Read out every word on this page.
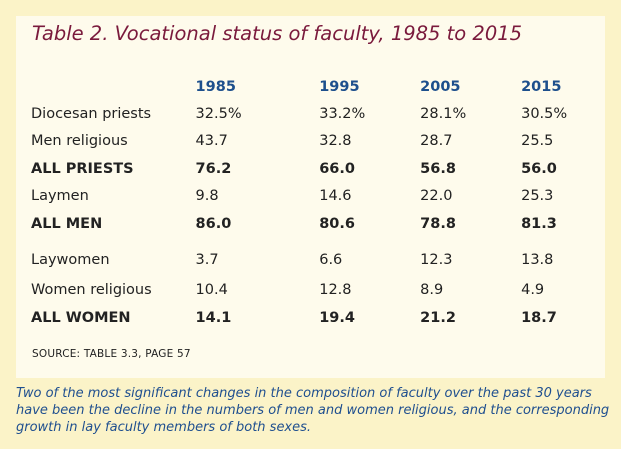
Table 2. Vocational status of faculty, 1985 to 2015
	1985	1995	2005	2015
Diocesan priests	32.5%	33.2%	28.1%	30.5%
Men religious	43.7	32.8	28.7	25.5
ALL PRIESTS	76.2	66.0	56.8	56.0
Laymen	9.8	14.6	22.0	25.3
ALL MEN	86.0	80.6	78.8	81.3
Laywomen	3.7	6.6	12.3	13.8
Women religious	10.4	12.8	8.9	4.9
ALL WOMEN	14.1	19.4	21.2	18.7
SOURCE: TABLE 3.3, PAGE 57
Two of the most significant changes in the composition of faculty over the past 30 years have been the decline in the numbers of men and women religious, and the corresponding growth in lay faculty members of both sexes.
